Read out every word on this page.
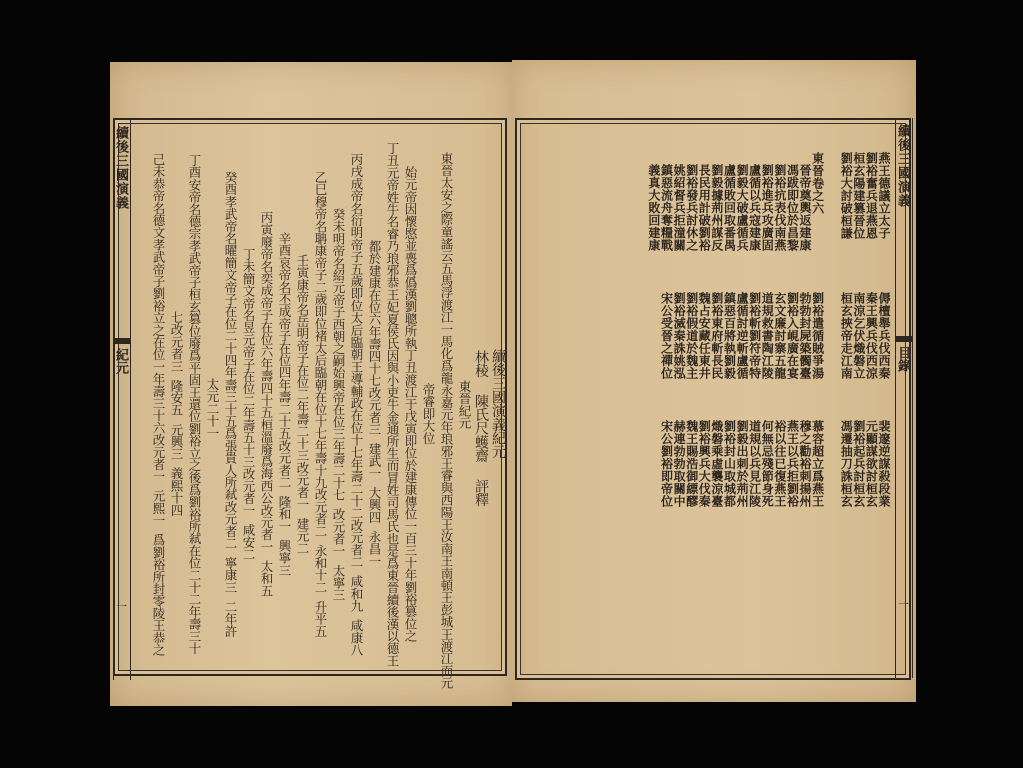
續後三國演義
紀元
一
續後三國演義紀元
林稜    陳氏尺蠖齋    評釋
東晉紀元
東晉太安之際童謠云五馬浮渡江一馬化爲龍永嘉元年琅邪王睿與西陽王汝南王南頓王彭城王渡江而元
帝睿即大位
始元帝因懷愍並喪爲僞漢劉聰所執丁丑渡江于戊寅即位於建康傳位一百三十年劉裕篡位之
丁丑元帝姓牛名睿乃琅邪恭王妃夏侯氏因與小吏牛金通所生而冒姓司馬氏也是爲東晉續後漢以德王
都於建康在位六年壽四十七改元者三  建武一  大興四  永昌一
丙戌成帝名衍明帝子五歲即位太后臨朝王導輔政在位十七年壽二十二改元者二  咸和九  咸康八
癸未明帝名紹元帝子西朝之嗣始興帝在位三年壽二十七  改元者一  太寧三
乙巳穆帝名聃康帝子二歲即位褚太后臨朝在位十七年壽十九改元者二  永和十二  升平五
壬寅康帝名岳明帝子在位二年壽二十三改元者一  建元二
辛酉哀帝名丕成帝子在位四年壽二十五改元者二  隆和一  興寧三
丙寅廢帝名奕成帝子在位六年壽四十五桓溫廢爲海西公改元者一  太和五
丁未簡文帝名昱元帝子在位二年壽五十三改元者一  咸安二
癸酉孝武帝名曜簡文帝子在位二十四年壽三十五爲張貴人所弒改元者二  寧康三  二年許
太元二十一
丁酉安帝名德宗孝武帝子桓玄篡位廢爲平固王還位劉裕立之後爲劉裕所弒在位二十二年壽三十
七改元者三  隆安五  元興三  義熙十四
己未恭帝名德文孝武帝子劉裕立之在位一年壽三十六改元者一  元熙一  爲劉裕所封零陵王恭之	續後三國演義
目錄
一
燕王德議立太子
劉裕奮兵退燕恩
桓玄陽建篡晉位
劉裕大討破桓謙
東晉卷之六
晉帝奠輿返建康
馮跋即位於昌黎
劉裕抗表伐南燕
劉裕進兵攻廣固
盧循以兵寇建康
劉毅大破盧循兵
盧循敗回取番禺
劉毅據荊州謀反
長民用計破劉裕
劉裕發兵討休之
姚紹督兵拒潼關
鎮惡流舟奪糧戰
義真大敗回建康
傉檀舉兵伐西秦
秦王興兵伐西涼
南涼乞伏熾磐立
桓玄挾帝走江南
劉裕遣循賊爭湯
勃勃封屍築髑臺
劉裕入峴廣在宴
玄文廉討寨五龍
道規救書陶江陵
劉裕斬劉符帝特
盧循討逆斬盧循
鎮惡百將執劉毅
劉裕東府斬長民
魏占安藏任東井
劉裕假道於魏主
劉裕滅秦誅姚泓
宋公受晉之禪位
裴邃逆謀殺段業
元顯謀欲討桓玄
劉裕起兵討桓玄
馮遷抽刀誅桓玄
慕容超立爲燕王
穆之勸裕刺揚州
燕王以兵拒劉裕
裕以往已復燕王
何無忌殘節身死
道規以兵見江陵
劉毅出刺於荊州
劉裕封山取城都
熾磐乘虛襲涼臺
劉裕興兵大伐秦
魏王賜浩御縹醪
赫連勃勃取關中
宋公劉裕即帝位
